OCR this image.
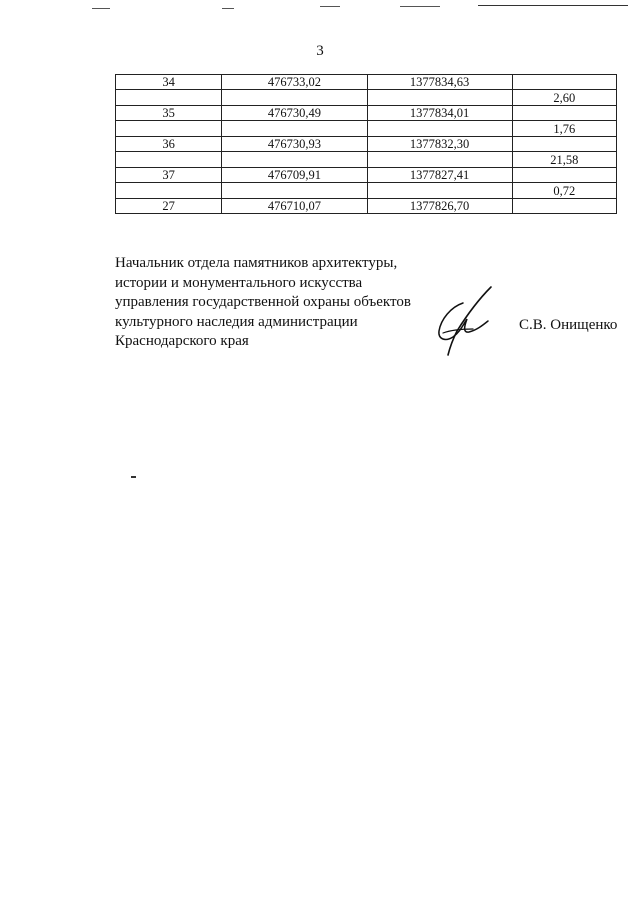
3
34	476733,02	1377834,63	
			2,60
35	476730,49	1377834,01	
			1,76
36	476730,93	1377832,30	
			21,58
37	476709,91	1377827,41	
			0,72
27	476710,07	1377826,70	
Начальник отдела памятников архитектуры,
истории и монументального искусства
управления государственной охраны объектов
культурного наследия администрации
Краснодарского края
С.В. Онищенко
